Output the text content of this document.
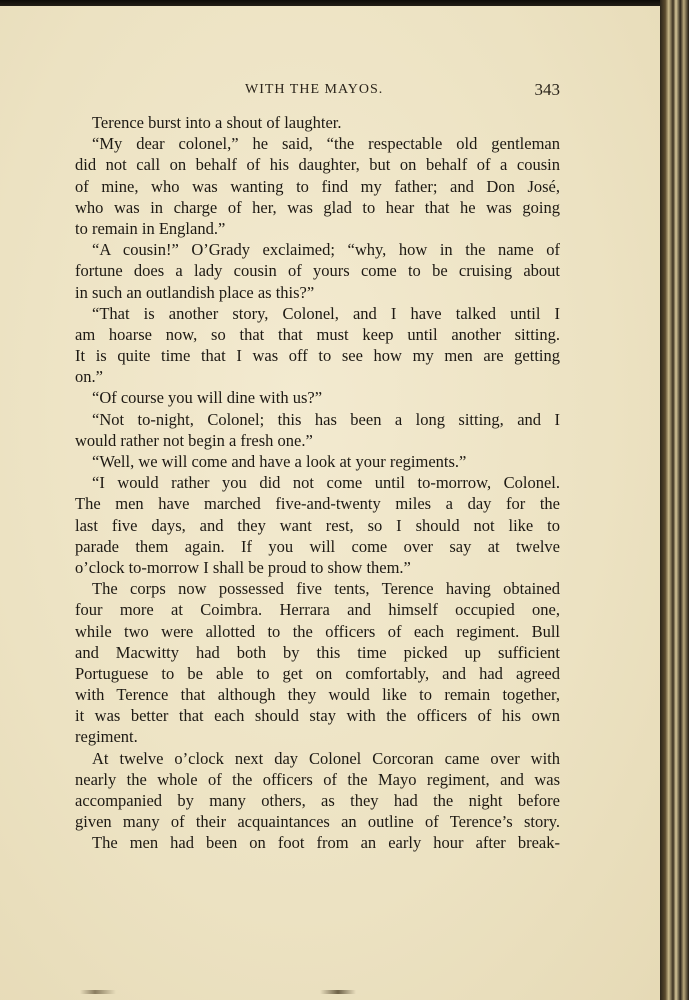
WITH THE MAYOS.	343
Terence burst into a shout of laughter.
“My dear colonel,” he said, “the respectable old gentleman
did not call on behalf of his daughter, but on behalf of a cousin
of mine, who was wanting to find my father; and Don José,
who was in charge of her, was glad to hear that he was going
to remain in England.”
“A cousin!” O’Grady exclaimed; “why, how in the name of
fortune does a lady cousin of yours come to be cruising about
in such an outlandish place as this?”
“That is another story, Colonel, and I have talked until I
am hoarse now, so that that must keep until another sitting.
It is quite time that I was off to see how my men are getting
on.”
“Of course you will dine with us?”
“Not to-night, Colonel; this has been a long sitting, and I
would rather not begin a fresh one.”
“Well, we will come and have a look at your regiments.”
“I would rather you did not come until to-morrow, Colonel.
The men have marched five-and-twenty miles a day for the
last five days, and they want rest, so I should not like to
parade them again. If you will come over say at twelve
o’clock to-morrow I shall be proud to show them.”
The corps now possessed five tents, Terence having obtained
four more at Coimbra. Herrara and himself occupied one,
while two were allotted to the officers of each regiment. Bull
and Macwitty had both by this time picked up sufficient
Portuguese to be able to get on comfortably, and had agreed
with Terence that although they would like to remain together,
it was better that each should stay with the officers of his own
regiment.
At twelve o’clock next day Colonel Corcoran came over with
nearly the whole of the officers of the Mayo regiment, and was
accompanied by many others, as they had the night before
given many of their acquaintances an outline of Terence’s story.
The men had been on foot from an early hour after break-
